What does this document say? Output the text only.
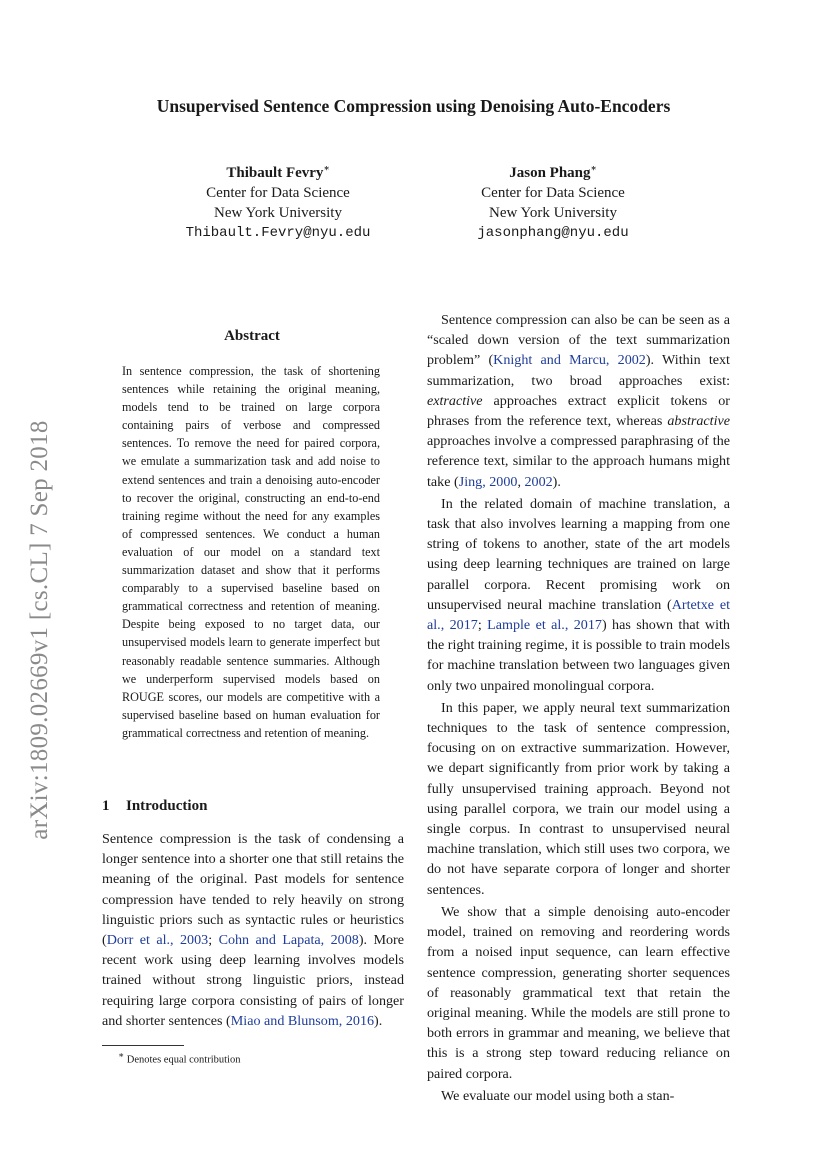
Unsupervised Sentence Compression using Denoising Auto-Encoders
arXiv:1809.02669v1 [cs.CL] 7 Sep 2018
Thibault Fevry∗
Center for Data Science
New York University
Thibault.Fevry@nyu.edu
Jason Phang∗
Center for Data Science
New York University
jasonphang@nyu.edu
Abstract

In sentence compression, the task of shortening sentences while retaining the original meaning, models tend to be trained on large corpora containing pairs of verbose and compressed sentences. To remove the need for paired corpora, we emulate a summarization task and add noise to extend sentences and train a denoising auto-encoder to recover the original, constructing an end-to-end training regime without the need for any examples of compressed sentences. We conduct a human evaluation of our model on a standard text summarization dataset and show that it performs comparably to a supervised baseline based on grammatical correctness and retention of meaning. Despite being exposed to no target data, our unsupervised models learn to generate imperfect but reasonably readable sentence summaries. Although we underperform supervised models based on ROUGE scores, our models are competitive with a supervised baseline based on human evaluation for grammatical correctness and retention of meaning.

1 Introduction

Sentence compression is the task of condensing a longer sentence into a shorter one that still retains the meaning of the original. Past models for sentence compression have tended to rely heavily on strong linguistic priors such as syntactic rules or heuristics (Dorr et al., 2003; Cohn and Lapata, 2008). More recent work using deep learning involves models trained without strong linguistic priors, instead requiring large corpora consisting of pairs of longer and shorter sentences (Miao and Blunsom, 2016).

∗ Denotes equal contribution

Sentence compression can also be can be seen as a “scaled down version of the text summarization problem” (Knight and Marcu, 2002). Within text summarization, two broad approaches exist: extractive approaches extract explicit tokens or phrases from the reference text, whereas abstractive approaches involve a compressed paraphrasing of the reference text, similar to the approach humans might take (Jing, 2000, 2002).

In the related domain of machine translation, a task that also involves learning a mapping from one string of tokens to another, state of the art models using deep learning techniques are trained on large parallel corpora. Recent promising work on unsupervised neural machine translation (Artetxe et al., 2017; Lample et al., 2017) has shown that with the right training regime, it is possible to train models for machine translation between two languages given only two unpaired monolingual corpora.

In this paper, we apply neural text summarization techniques to the task of sentence compression, focusing on on extractive summarization. However, we depart significantly from prior work by taking a fully unsupervised training approach. Beyond not using parallel corpora, we train our model using a single corpus. In contrast to unsupervised neural machine translation, which still uses two corpora, we do not have separate corpora of longer and shorter sentences.

We show that a simple denoising auto-encoder model, trained on removing and reordering words from a noised input sequence, can learn effective sentence compression, generating shorter sequences of reasonably grammatical text that retain the original meaning. While the models are still prone to both errors in grammar and meaning, we believe that this is a strong step toward reducing reliance on paired corpora.

We evaluate our model using both a stan-
